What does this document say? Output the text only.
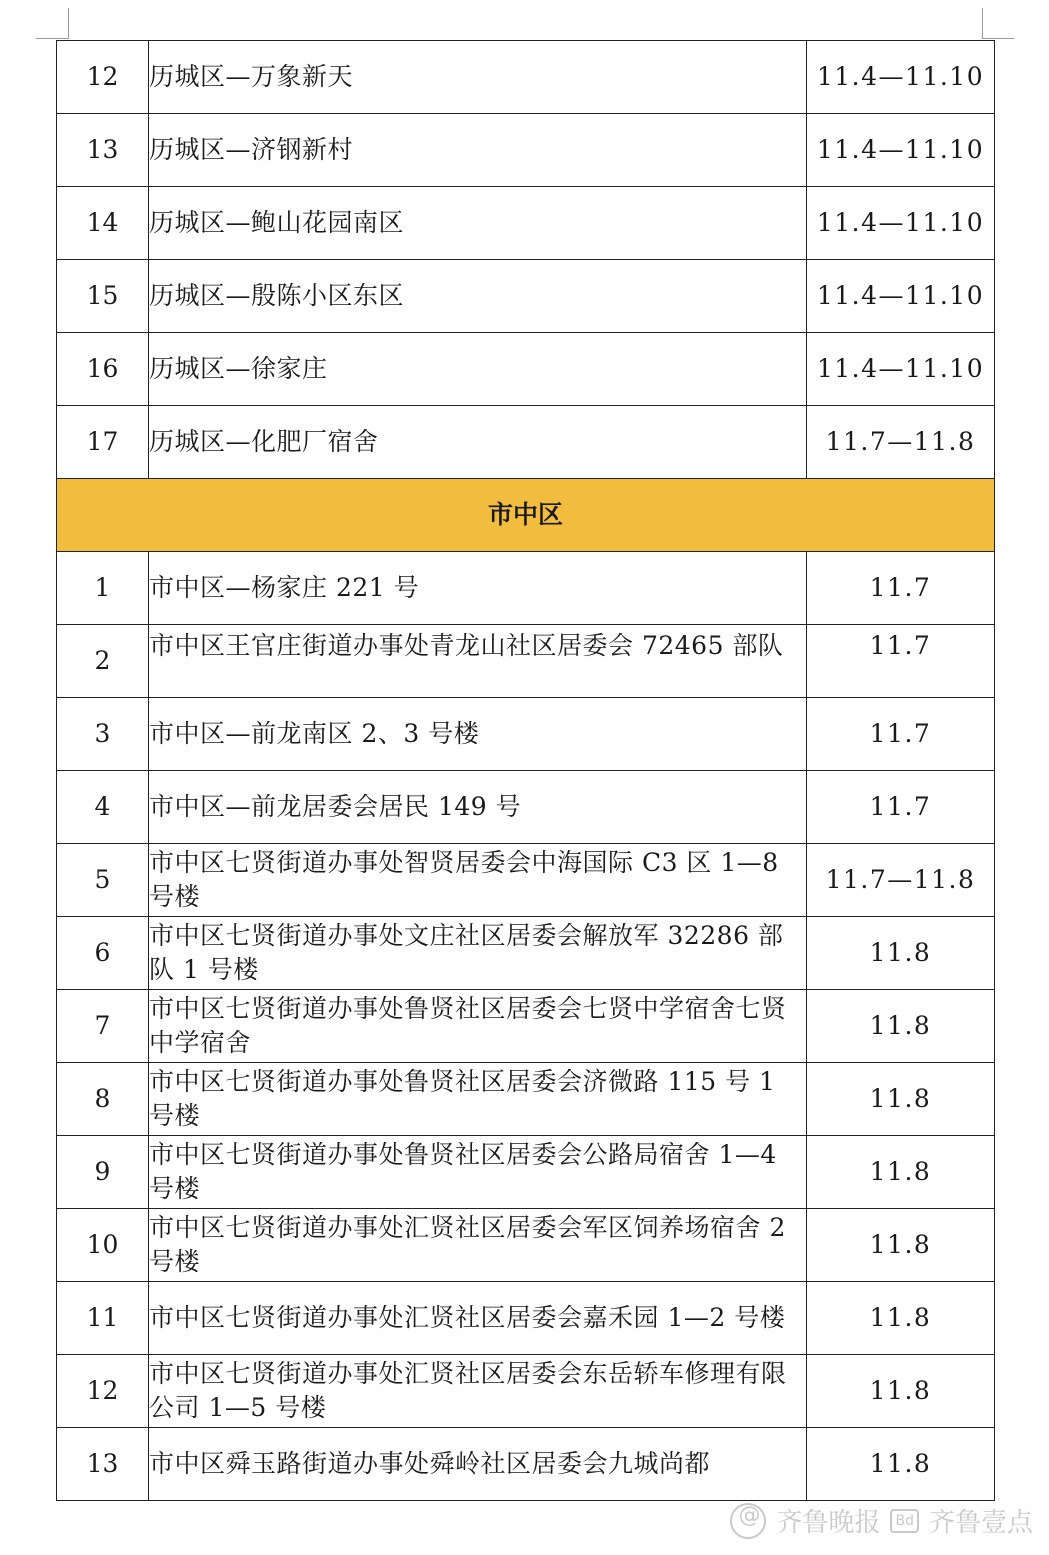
12	历城区—万象新天	11.4—11.10
13	历城区—济钢新村	11.4—11.10
14	历城区—鲍山花园南区	11.4—11.10
15	历城区—殷陈小区东区	11.4—11.10
16	历城区—徐家庄	11.4—11.10
17	历城区—化肥厂宿舍	11.7—11.8
市中区		
1	市中区—杨家庄 221 号	11.7
2	市中区王官庄街道办事处青龙山社区居委会 72465 部队	11.7
3	市中区—前龙南区 2、3 号楼	11.7
4	市中区—前龙居委会居民 149 号	11.7
5	市中区七贤街道办事处智贤居委会中海国际 C3 区 1—8 号楼	11.7—11.8
6	市中区七贤街道办事处文庄社区居委会解放军 32286 部队 1 号楼	11.8
7	市中区七贤街道办事处鲁贤社区居委会七贤中学宿舍七贤中学宿舍	11.8
8	市中区七贤街道办事处鲁贤社区居委会济微路 115 号 1 号楼	11.8
9	市中区七贤街道办事处鲁贤社区居委会公路局宿舍 1—4 号楼	11.8
10	市中区七贤街道办事处汇贤社区居委会军区饲养场宿舍 2 号楼	11.8
11	市中区七贤街道办事处汇贤社区居委会嘉禾园 1—2 号楼	11.8
12	市中区七贤街道办事处汇贤社区居委会东岳轿车修理有限公司 1—5 号楼	11.8
13	市中区舜玉路街道办事处舜岭社区居委会九城尚都	11.8
@
齐鲁晚报	Bd 齐鲁壹点
